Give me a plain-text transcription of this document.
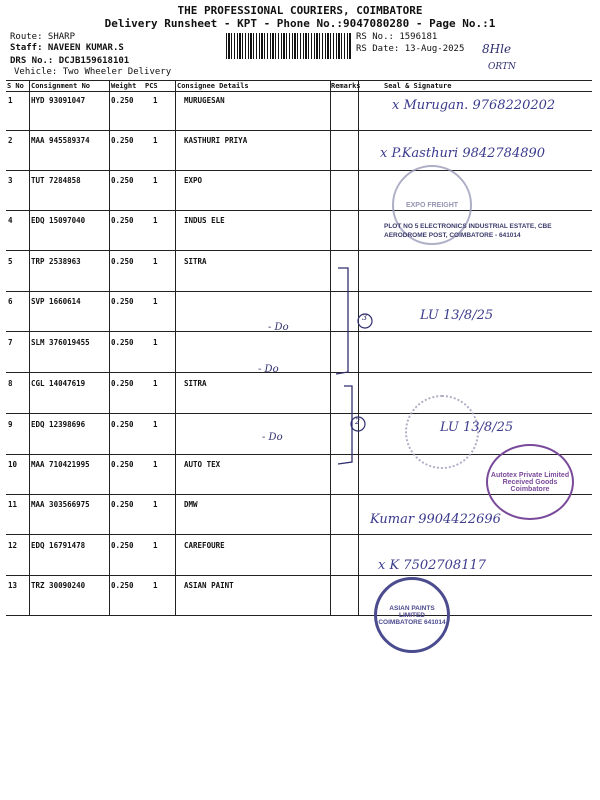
THE PROFESSIONAL COURIERS, COIMBATORE
Delivery Runsheet - KPT - Phone No.:9047080280 - Page No.:1
Route: SHARP
Staff: NAVEEN KUMAR.S
DRS No.: DCJB159618101
Vehicle: Two Wheeler Delivery
RS No.: 1596181
RS Date: 13-Aug-2025 8Hle
ORTN
S No Consignment No	Weight PCS	Consignee Details	Remarks	Seal & Signature
1 HYD 93091047	0.250	1	MURUGESAN
2 MAA 945589374	0.250	1	KASTHURI PRIYA
3 TUT 7284858	0.250	1	EXPO
4 EDQ 15097040	0.250	1	INDUS ELE
5 TRP 2538963	0.250	1	SITRA
6 SVP 1660614	0.250	1
7 SLM 376019455	0.250	1
8 CGL 14047619	0.250	1	SITRA
9 EDQ 12398696	0.250	1
10 MAA 710421995	0.250	1	AUTO TEX
11 MAA 303566975	0.250	1	DMW
12 EDQ 16791478	0.250	1	CAREFOURE
13 TRZ 30090240	0.250	1	ASIAN PAINT
- Do
- Do
- Do
3
2
x Murugan. 9768220202
x P.Kasthuri 9842784890
EXPO FREIGHT
PLOT NO 5 ELECTRONICS INDUSTRIAL ESTATE, CBE AERODROME POST, COIMBATORE - 641014
LU 13/8/25
LU 13/8/25
Autotex Private Limited Received Goods Coimbatore
Kumar 9904422696
x K 7502708117
ASIAN PAINTS LIMITED COIMBATORE 641014
